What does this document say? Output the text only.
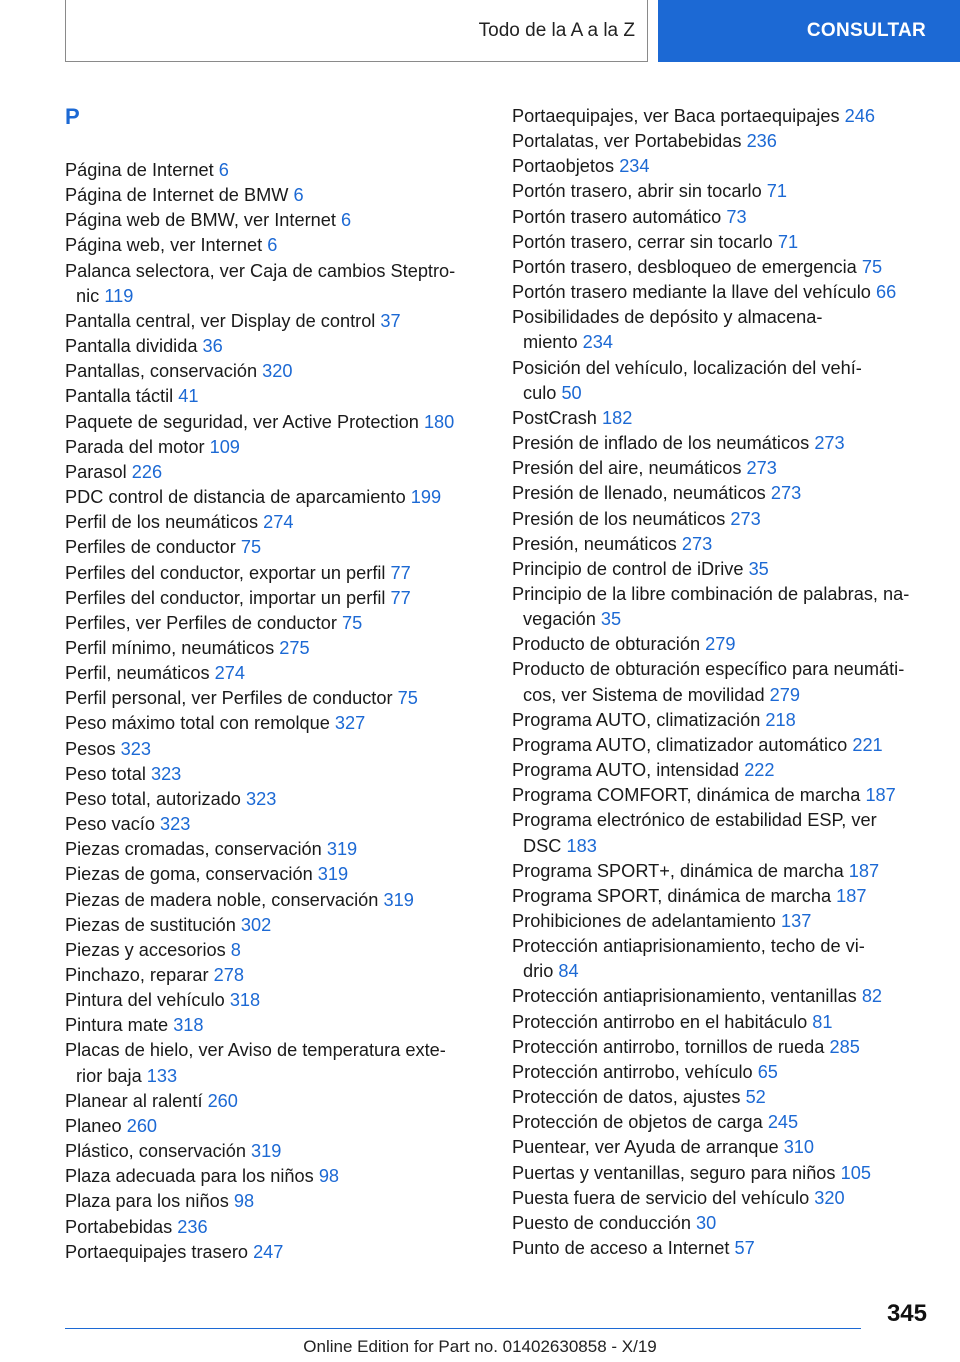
Todo de la A a la Z	CONSULTAR
P
Página de Internet 6
Página de Internet de BMW 6
Página web de BMW, ver Internet 6
Página web, ver Internet 6
Palanca selectora, ver Caja de cambios Steptro‐
nic 119
Pantalla central, ver Display de control 37
Pantalla dividida 36
Pantallas, conservación 320
Pantalla táctil 41
Paquete de seguridad, ver Active Protection 180
Parada del motor 109
Parasol 226
PDC control de distancia de aparcamiento 199
Perfil de los neumáticos 274
Perfiles de conductor 75
Perfiles del conductor, exportar un perfil 77
Perfiles del conductor, importar un perfil 77
Perfiles, ver Perfiles de conductor 75
Perfil mínimo, neumáticos 275
Perfil, neumáticos 274
Perfil personal, ver Perfiles de conductor 75
Peso máximo total con remolque 327
Pesos 323
Peso total 323
Peso total, autorizado 323
Peso vacío 323
Piezas cromadas, conservación 319
Piezas de goma, conservación 319
Piezas de madera noble, conservación 319
Piezas de sustitución 302
Piezas y accesorios 8
Pinchazo, reparar 278
Pintura del vehículo 318
Pintura mate 318
Placas de hielo, ver Aviso de temperatura exte‐
rior baja 133
Planear al ralentí 260
Planeo 260
Plástico, conservación 319
Plaza adecuada para los niños 98
Plaza para los niños 98
Portabebidas 236
Portaequipajes trasero 247
Portaequipajes, ver Baca portaequipajes 246
Portalatas, ver Portabebidas 236
Portaobjetos 234
Portón trasero, abrir sin tocarlo 71
Portón trasero automático 73
Portón trasero, cerrar sin tocarlo 71
Portón trasero, desbloqueo de emergencia 75
Portón trasero mediante la llave del vehículo 66
Posibilidades de depósito y almacena‐
miento 234
Posición del vehículo, localización del vehí‐
culo 50
PostCrash 182
Presión de inflado de los neumáticos 273
Presión del aire, neumáticos 273
Presión de llenado, neumáticos 273
Presión de los neumáticos 273
Presión, neumáticos 273
Principio de control de iDrive 35
Principio de la libre combinación de palabras, na‐
vegación 35
Producto de obturación 279
Producto de obturación específico para neumáti‐
cos, ver Sistema de movilidad 279
Programa AUTO, climatización 218
Programa AUTO, climatizador automático 221
Programa AUTO, intensidad 222
Programa COMFORT, dinámica de marcha 187
Programa electrónico de estabilidad ESP, ver
DSC 183
Programa SPORT+, dinámica de marcha 187
Programa SPORT, dinámica de marcha 187
Prohibiciones de adelantamiento 137
Protección antiaprisionamiento, techo de vi‐
drio 84
Protección antiaprisionamiento, ventanillas 82
Protección antirrobo en el habitáculo 81
Protección antirrobo, tornillos de rueda 285
Protección antirrobo, vehículo 65
Protección de datos, ajustes 52
Protección de objetos de carga 245
Puentear, ver Ayuda de arranque 310
Puertas y ventanillas, seguro para niños 105
Puesta fuera de servicio del vehículo 320
Puesto de conducción 30
Punto de acceso a Internet 57
345
Online Edition for Part no. 01402630858 - X/19
